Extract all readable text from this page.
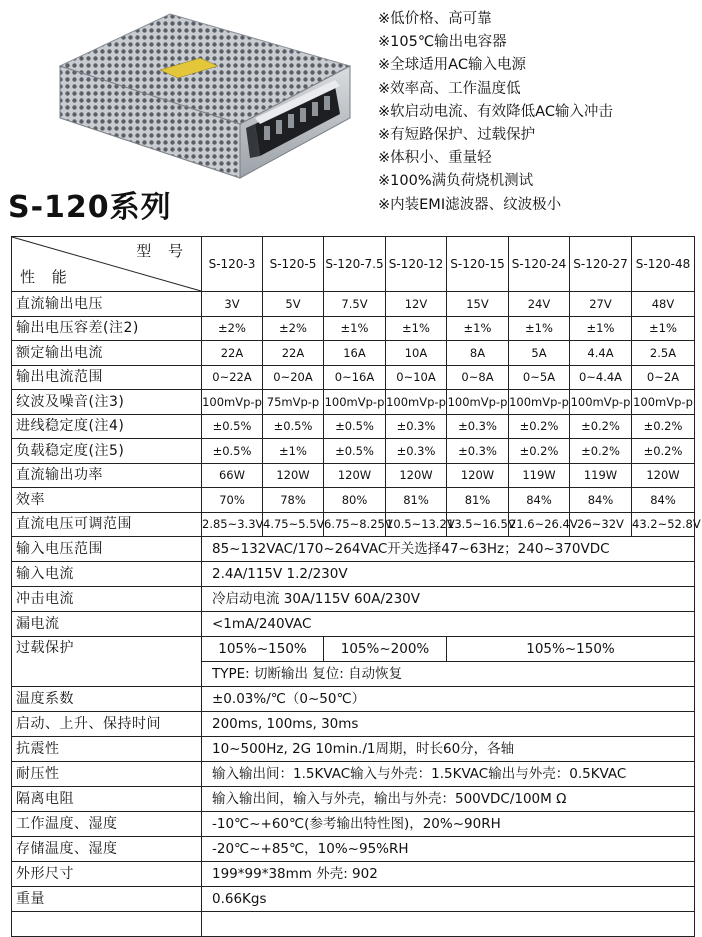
S-120系列
※低价格、高可靠
※105℃输出电容器
※全球适用AC输入电源
※效率高、工作温度低
※软启动电流、有效降低AC输入冲击
※有短路保护、过载保护
※体积小、重量轻
※100%满负荷烧机测试
※内装EMI滤波器、纹波极小
型 号
性 能	S-120-3	S-120-5	S-120-7.5	S-120-12	S-120-15	S-120-24	S-120-27	S-120-48
直流输出电压	3V	5V	7.5V	12V	15V	24V	27V	48V
输出电压容差(注2)	±2%	±2%	±1%	±1%	±1%	±1%	±1%	±1%
额定输出电流	22A	22A	16A	10A	8A	5A	4.4A	2.5A
输出电流范围	0~22A	0~20A	0~16A	0~10A	0~8A	0~5A	0~4.4A	0~2A
纹波及噪音(注3)	100mVp-p	75mVp-p	100mVp-p	100mVp-p	100mVp-p	100mVp-p	100mVp-p	100mVp-p
进线稳定度(注4)	±0.5%	±0.5%	±0.5%	±0.3%	±0.3%	±0.2%	±0.2%	±0.2%
负载稳定度(注5)	±0.5%	±1%	±0.5%	±0.3%	±0.3%	±0.2%	±0.2%	±0.2%
直流输出功率	66W	120W	120W	120W	120W	119W	119W	120W
效率	70%	78%	80%	81%	81%	84%	84%	84%
直流电压可调范围	2.85~3.3V	4.75~5.5V	6.75~8.25V	10.5~13.2V	13.5~16.5V	21.6~26.4V	26~32V	43.2~52.8V
输入电压范围	85~132VAC/170~264VAC开关选择47~63Hz；240~370VDC							
输入电流	2.4A/115V 1.2/230V							
冲击电流	冷启动电流 30A/115V 60A/230V							
漏电流	<1mA/240VAC							
过载保护	105%~150%		105%~200%		105%~150%			
	TYPE: 切断输出 复位: 自动恢复							
温度系数	±0.03%/℃（0~50℃）							
启动、上升、保持时间	200ms, 100ms, 30ms							
抗震性	10~500Hz, 2G 10min./1周期，时长60分，各轴							
耐压性	输入输出间：1.5KVAC输入与外壳：1.5KVAC输出与外壳：0.5KVAC							
隔离电阻	输入输出间，输入与外壳，输出与外壳：500VDC/100M Ω							
工作温度、湿度	-10℃~+60℃(参考输出特性图)，20%~90RH							
存储温度、湿度	-20℃~+85℃，10%~95%RH							
外形尺寸	199*99*38mm 外壳: 902							
重量	0.66Kgs							
